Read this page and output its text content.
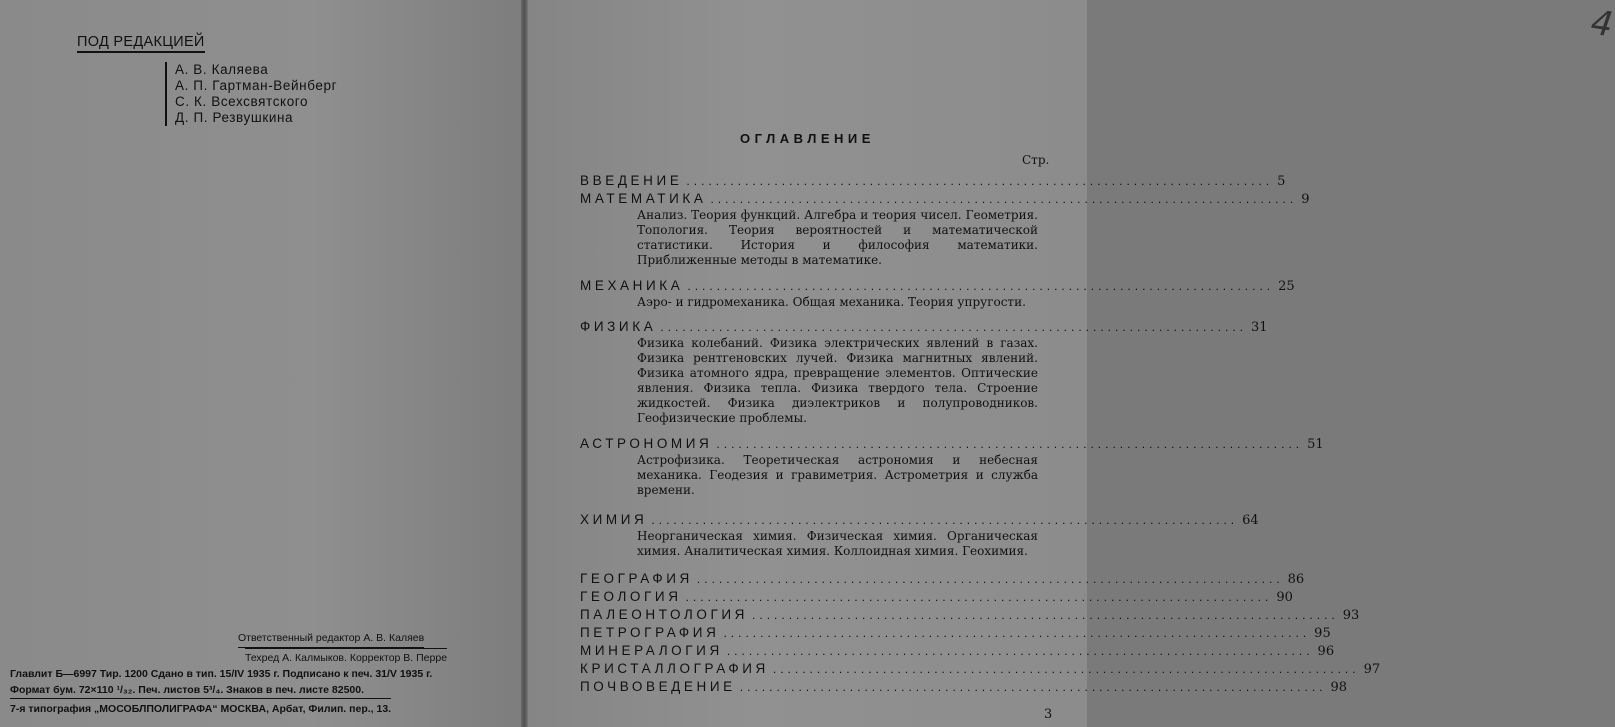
ПОД РЕДАКЦИЕЙ
А. В. Каляева
А. П. Гартман-Вейнберг
С. К. Всехсвятского
Д. П. Резвушкина
Ответственный редактор А. В. Каляев
Техред А. Калмыков. Корректор В. Перре
Главлит Б—6997 Тир. 1200 Сдано в тип. 15/IV 1935 г. Подписано к печ. 31/V 1935 г.
Формат бум. 72×110 ¹/₃₂. Печ. листов 5³/₄. Знаков в печ. листе 82500.
7-я типография „МОСОБЛПОЛИГРАФА“ МОСКВА, Арбат, Филип. пер., 13.
4
ОГЛАВЛЕНИЕ
Стр.
ВВЕДЕНИЕ ................................................................................ 5
МАТЕМАТИКА ................................................................................ 9

Анализ. Теория функций. Алгебра и теория чисел. Геометрия. Топология. Теория вероятностей и математической статистики. История и философия математики. Приближенные методы в математике.

МЕХАНИКА ................................................................................ 25

Аэро- и гидромеханика. Общая механика. Теория упругости.

ФИЗИКА ................................................................................ 31

Физика колебаний. Физика электрических явлений в газах. Физика рентгеновских лучей. Физика магнитных явлений. Физика атомного ядра, превращение элементов. Оптические явления. Физика тепла. Физика твердого тела. Строение жидкостей. Физика диэлектриков и полупроводников. Геофизические проблемы.

АСТРОНОМИЯ ................................................................................ 51

Астрофизика. Теоретическая астрономия и небесная механика. Геодезия и гравиметрия. Астрометрия и служба времени.

ХИМИЯ ................................................................................ 64

Неорганическая химия. Физическая химия. Органическая химия. Аналитическая химия. Коллоидная химия. Геохимия.

ГЕОГРАФИЯ ................................................................................ 86
ГЕОЛОГИЯ ................................................................................ 90
ПАЛЕОНТОЛОГИЯ ................................................................................ 93
ПЕТРОГРАФИЯ ................................................................................ 95
МИНЕРАЛОГИЯ ................................................................................ 96
КРИСТАЛЛОГРАФИЯ ................................................................................ 97
ПОЧВОВЕДЕНИЕ ................................................................................ 98
3
